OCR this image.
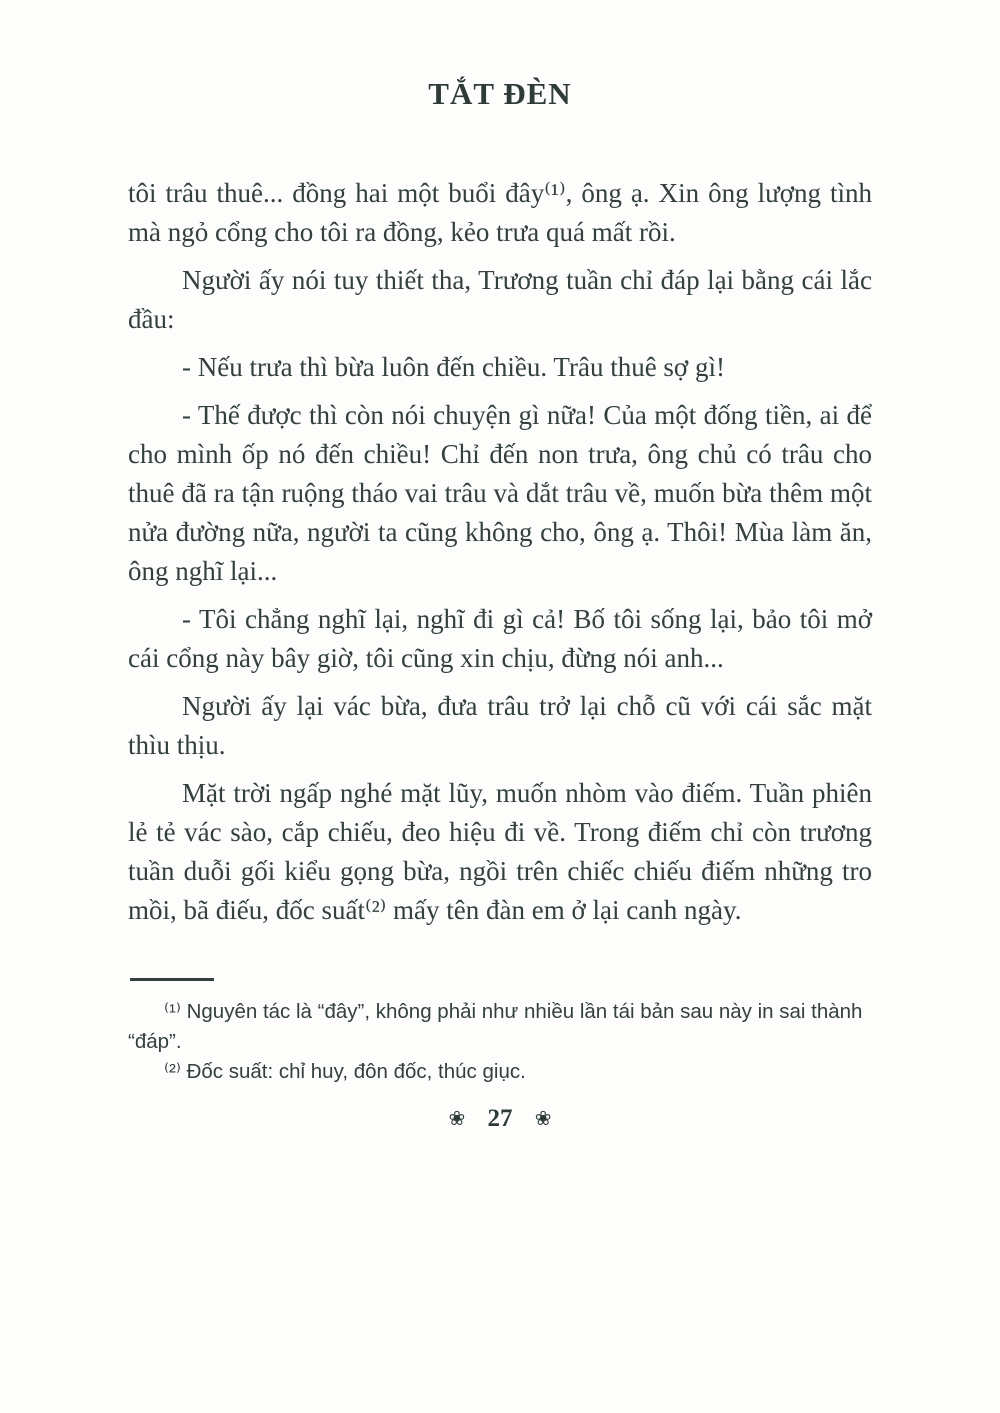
TẮT ĐÈN

tôi trâu thuê... đồng hai một buổi đây⁽¹⁾, ông ạ. Xin ông lượng tình mà ngỏ cổng cho tôi ra đồng, kẻo trưa quá mất rồi.

Người ấy nói tuy thiết tha, Trương tuần chỉ đáp lại bằng cái lắc đầu:

- Nếu trưa thì bừa luôn đến chiều. Trâu thuê sợ gì!

- Thế được thì còn nói chuyện gì nữa! Của một đống tiền, ai để cho mình ốp nó đến chiều! Chỉ đến non trưa, ông chủ có trâu cho thuê đã ra tận ruộng tháo vai trâu và dắt trâu về, muốn bừa thêm một nửa đường nữa, người ta cũng không cho, ông ạ. Thôi! Mùa làm ăn, ông nghĩ lại...

- Tôi chẳng nghĩ lại, nghĩ đi gì cả! Bố tôi sống lại, bảo tôi mở cái cổng này bây giờ, tôi cũng xin chịu, đừng nói anh...

Người ấy lại vác bừa, đưa trâu trở lại chỗ cũ với cái sắc mặt thìu thịu.

Mặt trời ngấp nghé mặt lũy, muốn nhòm vào điếm. Tuần phiên lẻ tẻ vác sào, cắp chiếu, đeo hiệu đi về. Trong điếm chỉ còn trương tuần duỗi gối kiểu gọng bừa, ngồi trên chiếc chiếu điếm những tro mồi, bã điếu, đốc suất⁽²⁾ mấy tên đàn em ở lại canh ngày.

⁽¹⁾ Nguyên tác là “đây”, không phải như nhiều lần tái bản sau này in sai thành “đáp”.

⁽²⁾ Đốc suất: chỉ huy, đôn đốc, thúc giục.

❀ 27 ❀
